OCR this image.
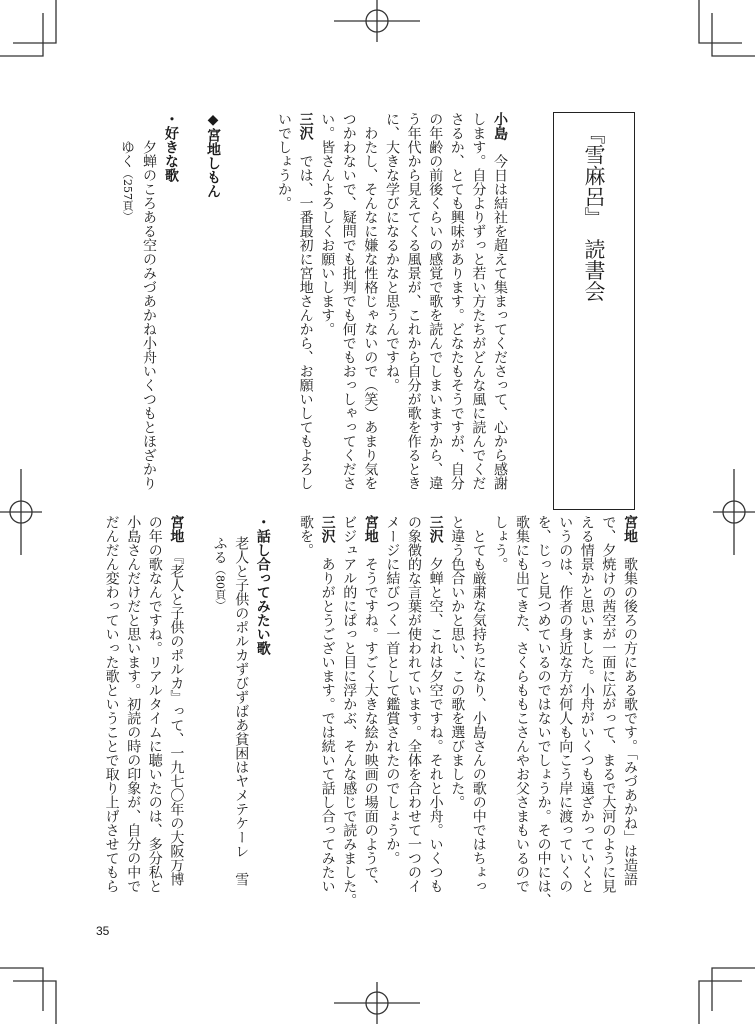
『雪麻呂』　読書会
小島　今日は結社を超えて集まってくださって、心から感謝
します。自分よりずっと若い方たちがどんな風に読んでくだ
さるか、とても興味があります。どなたもそうですが、自分
の年齢の前後くらいの感覚で歌を読んでしまいますから、違
う年代から見えてくる風景が、これから自分が歌を作るとき
に、大きな学びになるかなと思うんですね。
わたし、そんなに嫌な性格じゃないので（笑）あまり気を
つかわないで、疑問でも批判でも何でもおっしゃってくださ
い。皆さんよろしくお願いします。
三沢　では、一番最初に宮地さんから、お願いしてもよろし
いでしょうか。
◆宮地しもん
・好きな歌
夕蝉のころある空のみづあかね小舟いくつもとほざかり
ゆく（257頁）
宮地　歌集の後ろの方にある歌です。「みづあかね」は造語
で、夕焼けの茜空が一面に広がって、まるで大河のように見
える情景かと思いました。小舟がいくつも遠ざかっていくと
いうのは、作者の身近な方が何人も向こう岸に渡っていくの
を、じっと見つめているのではないでしょうか。その中には、
歌集にも出てきた、さくらももこさんやお父さまもいるので
しょう。
とても厳粛な気持ちになり、小島さんの歌の中ではちょっ
と違う色合いかと思い、この歌を選びました。
三沢　夕蝉と空、これは夕空ですね。それと小舟。いくつも
の象徴的な言葉が使われています。全体を合わせて一つのイ
メージに結びつく一首として鑑賞されたのでしょうか。
宮地　そうですね。すごく大きな絵か映画の場面のようで、
ビジュアル的にぱっと目に浮かぶ、そんな感じで読みました。
三沢　ありがとうございます。では続いて話し合ってみたい
歌を。
・話し合ってみたい歌
老人と子供のポルカずびずばあ貧困はヤメテケーレ　雪
ふる（80頁）
宮地　『老人と子供のポルカ』って、一九七〇年の大阪万博
の年の歌なんですね。リアルタイムに聴いたのは、多分私と
小島さんだけだと思います。初読の時の印象が、自分の中で
だんだん変わっていった歌ということで取り上げさせてもら
35
